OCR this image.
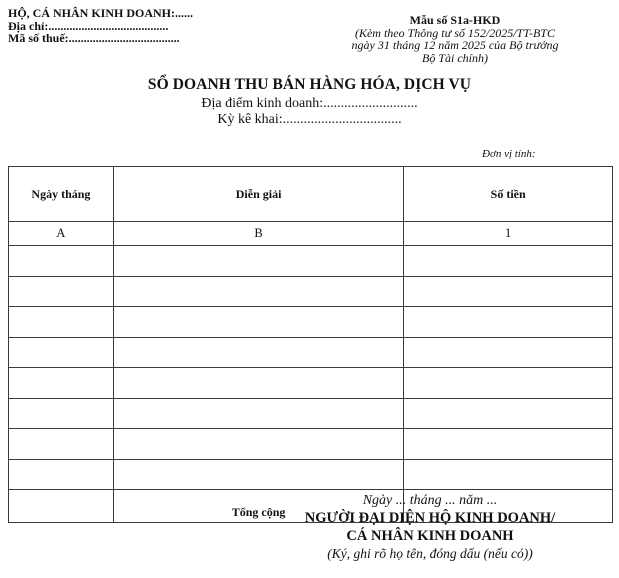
HỘ, CÁ NHÂN KINH DOANH:......
Địa chỉ:........................................
Mã số thuế:.....................................
Mẫu số S1a-HKD
(Kèm theo Thông tư số 152/2025/TT-BTC
ngày 31 tháng 12 năm 2025 của Bộ trưởng
Bộ Tài chính)
SỔ DOANH THU BÁN HÀNG HÓA, DỊCH VỤ
Địa điểm kinh doanh:...........................
Kỳ kê khai:..................................
Đơn vị tính:
Ngày tháng	Diễn giải	Số tiền
A	B	1

	Tổng cộng	
Ngày ... tháng ... năm ...
NGƯỜI ĐẠI DIỆN HỘ KINH DOANH/
CÁ NHÂN KINH DOANH
(Ký, ghi rõ họ tên, đóng dấu (nếu có))
